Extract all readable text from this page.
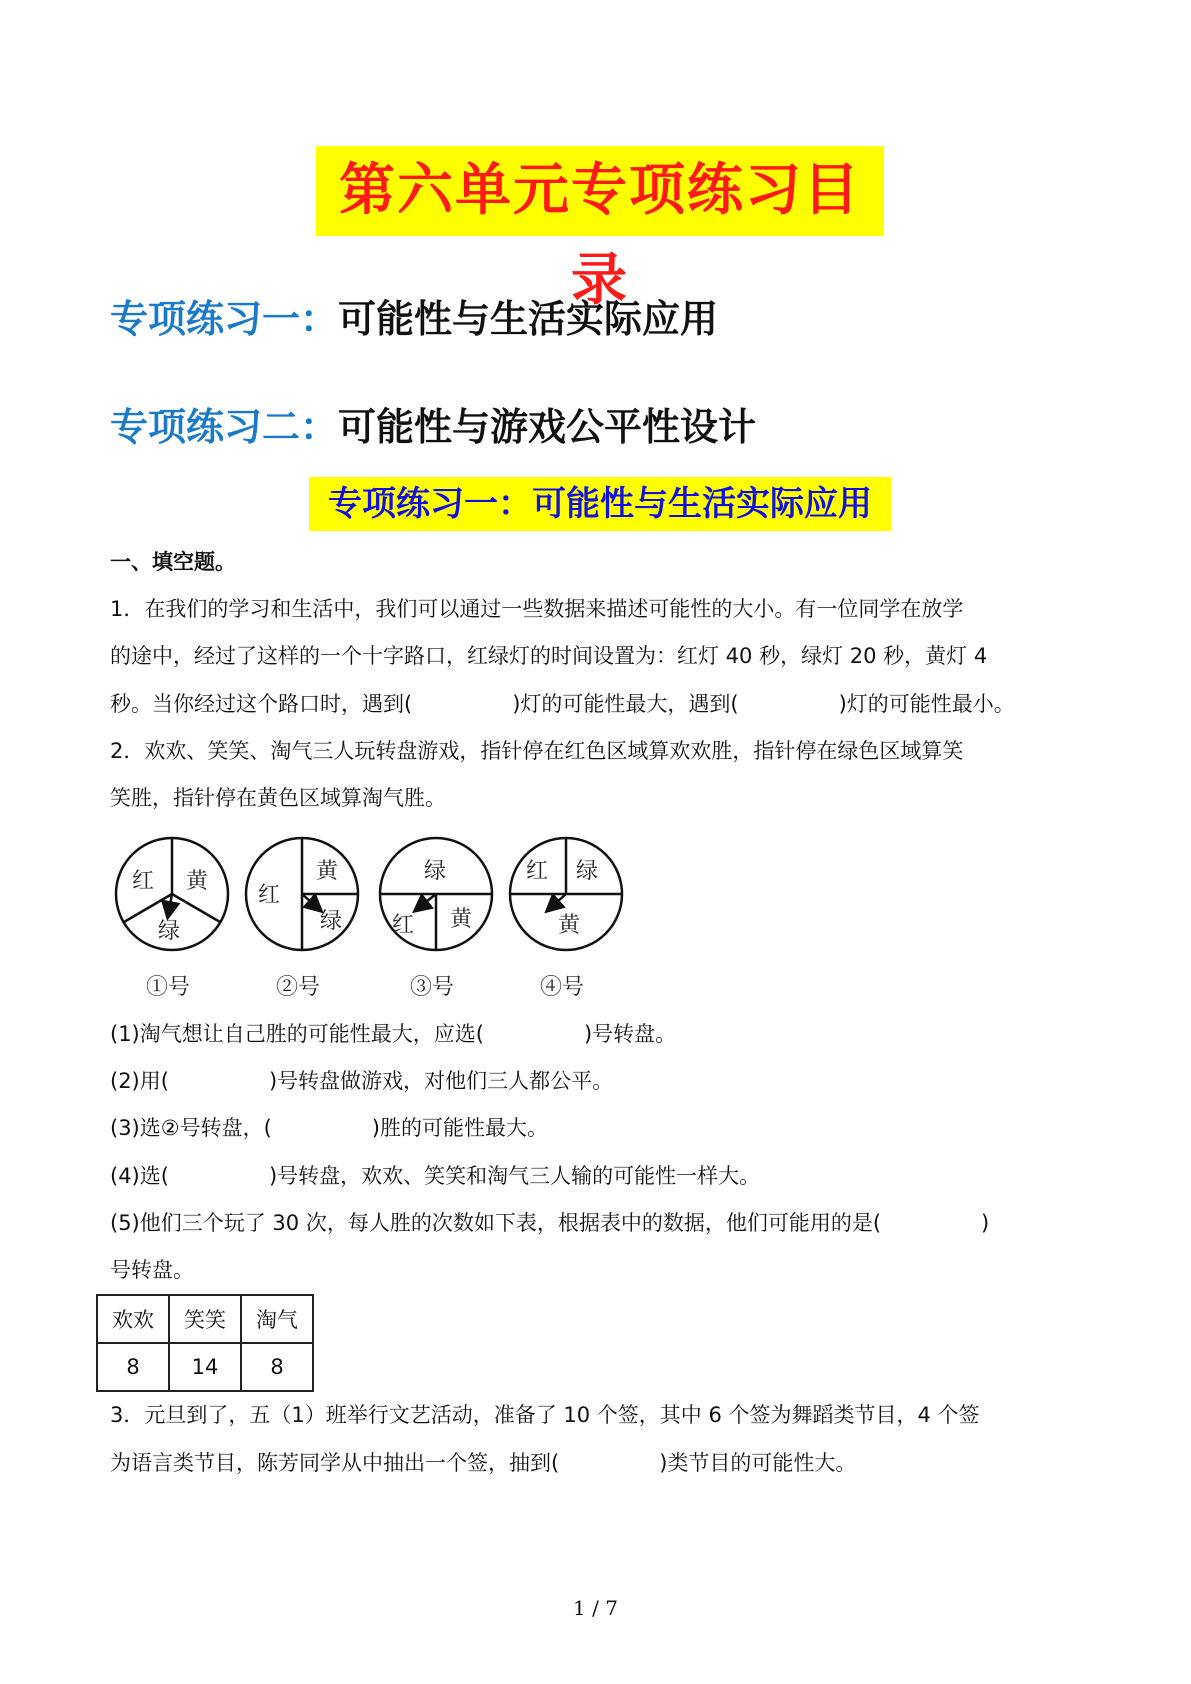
第六单元专项练习目录
专项练习一：可能性与生活实际应用
专项练习二：可能性与游戏公平性设计
专项练习一：可能性与生活实际应用
一、填空题。
1．在我们的学习和生活中，我们可以通过一些数据来描述可能性的大小。有一位同学在放学
的途中，经过了这样的一个十字路口，红绿灯的时间设置为：红灯 40 秒，绿灯 20 秒，黄灯 4
秒。当你经过这个路口时，遇到(	)灯的可能性最大，遇到(	)灯的可能性最小。
2．欢欢、笑笑、淘气三人玩转盘游戏，指针停在红色区域算欢欢胜，指针停在绿色区域算笑
笑胜，指针停在黄色区域算淘气胜。
红 黄
绿
①号
红
黄
绿
②号
绿
红 黄
③号
红 绿
黄
④号
(1)淘气想让自己胜的可能性最大，应选(	)号转盘。
(2)用(	)号转盘做游戏，对他们三人都公平。
(3)选②号转盘，(	)胜的可能性最大。
(4)选(	)号转盘，欢欢、笑笑和淘气三人输的可能性一样大。
(5)他们三个玩了 30 次，每人胜的次数如下表，根据表中的数据，他们可能用的是(	)
号转盘。
欢欢	笑笑	淘气
8	14	8
3．元旦到了，五（1）班举行文艺活动，准备了 10 个签，其中 6 个签为舞蹈类节目，4 个签
为语言类节目，陈芳同学从中抽出一个签，抽到(	)类节目的可能性大。
1 / 7
